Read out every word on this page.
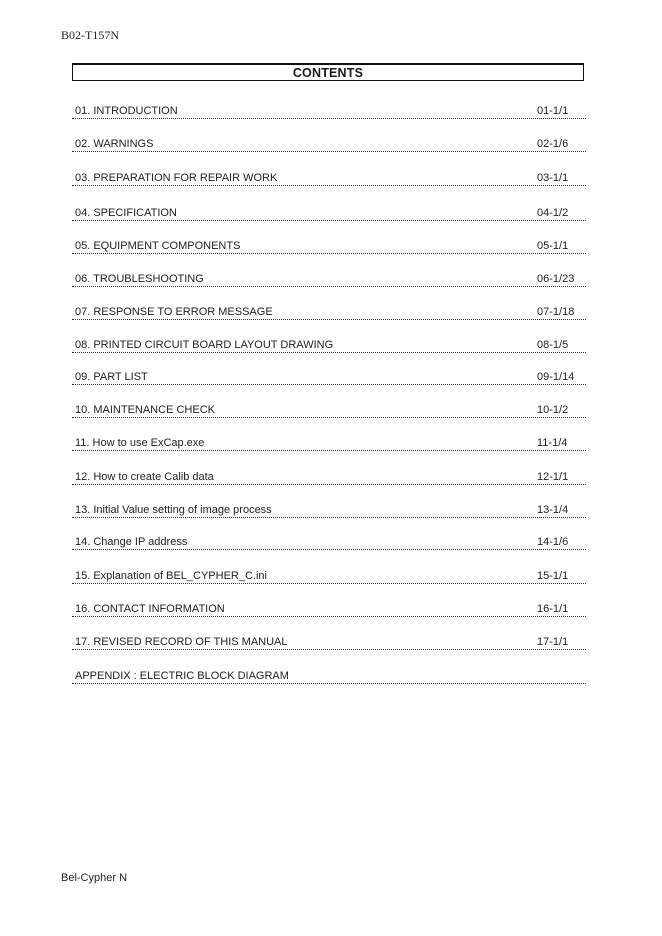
B02-T157N
CONTENTS
01. INTRODUCTION	01-1/1
02. WARNINGS	02-1/6
03. PREPARATION FOR REPAIR WORK	03-1/1
04. SPECIFICATION	04-1/2
05. EQUIPMENT COMPONENTS	05-1/1
06. TROUBLESHOOTING	06-1/23
07. RESPONSE TO ERROR MESSAGE	07-1/18
08. PRINTED CIRCUIT BOARD LAYOUT DRAWING	08-1/5
09. PART LIST	09-1/14
10. MAINTENANCE CHECK	10-1/2
11. How to use ExCap.exe	11-1/4
12. How to create Calib data	12-1/1
13. Initial Value setting of image process	13-1/4
14. Change IP address	14-1/6
15. Explanation of BEL_CYPHER_C.ini	15-1/1
16. CONTACT INFORMATION	16-1/1
17. REVISED RECORD OF THIS MANUAL	17-1/1
APPENDIX : ELECTRIC BLOCK DIAGRAM
Bel-Cypher N
